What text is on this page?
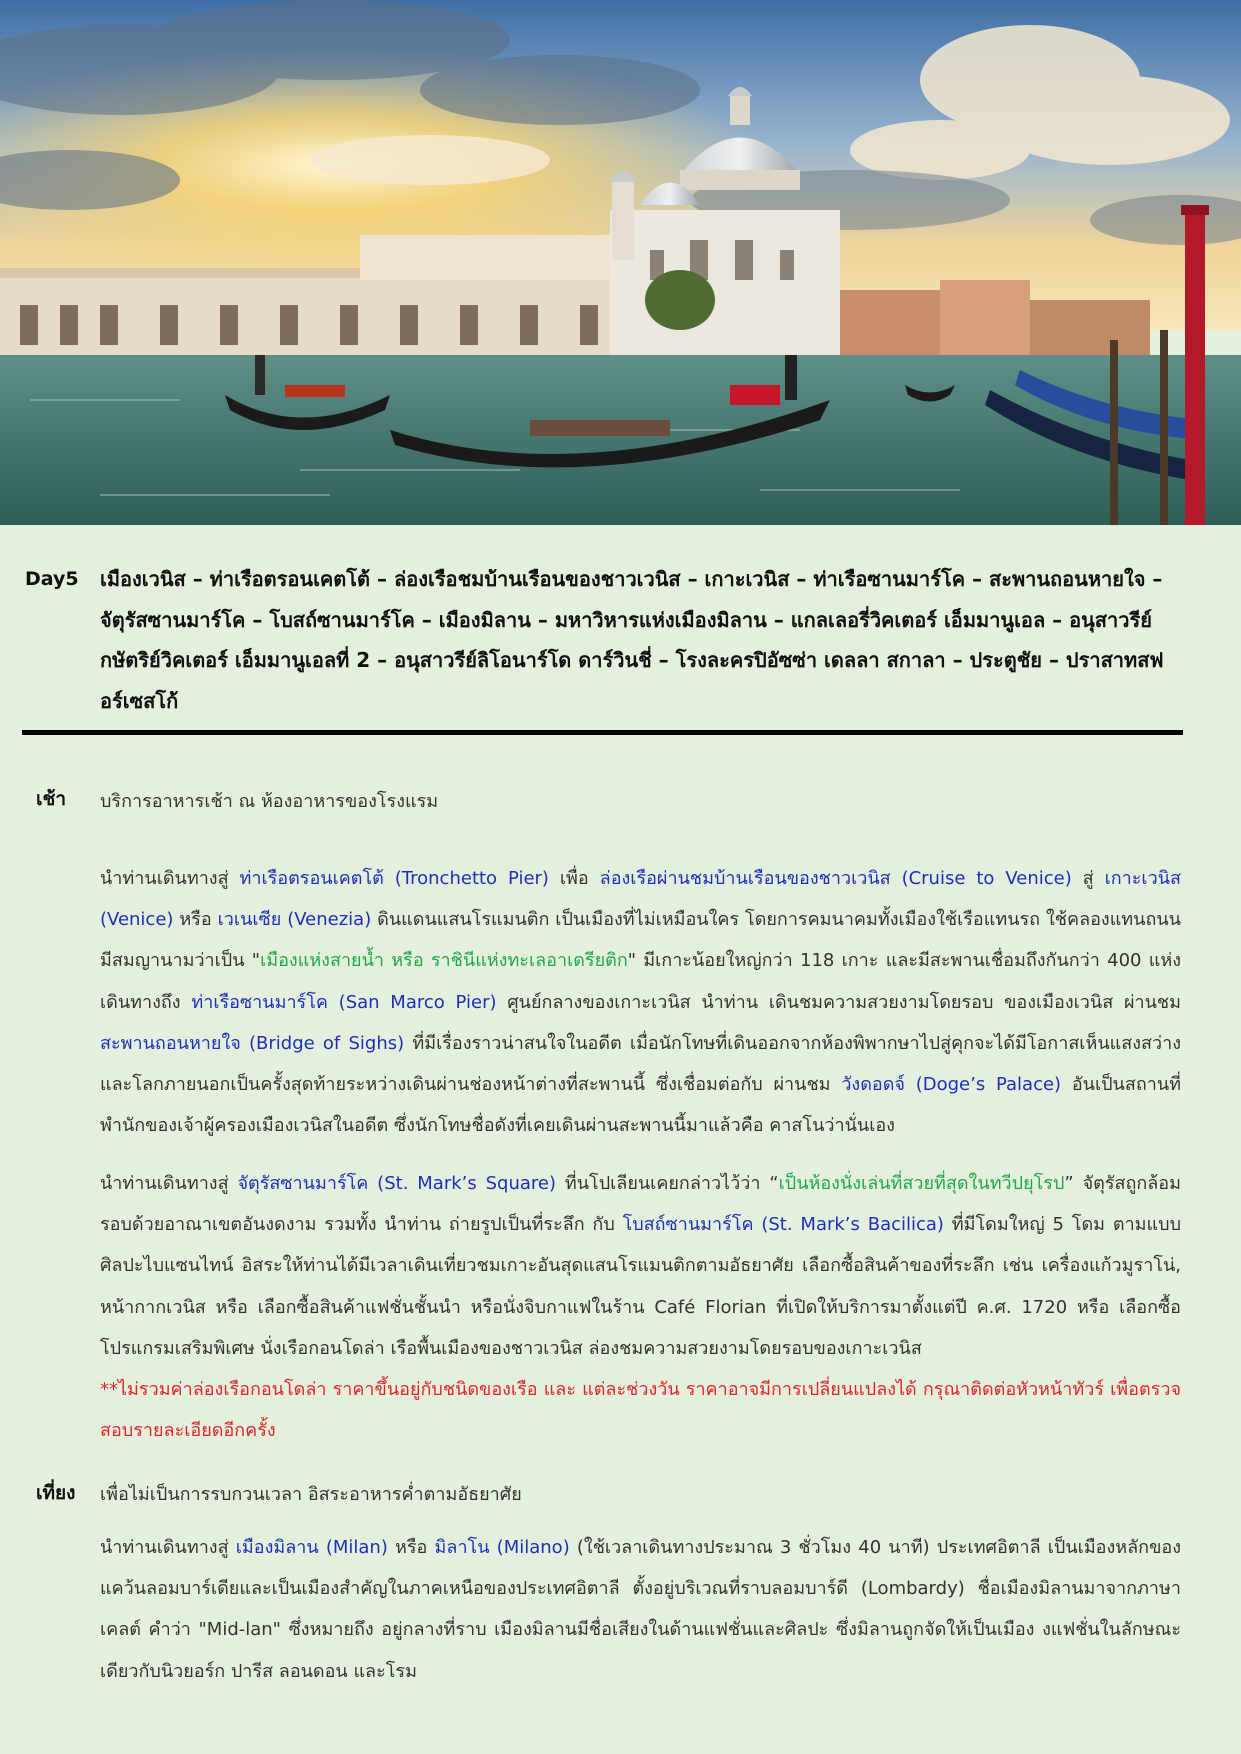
Day5 เมืองเวนิส – ท่าเรือตรอนเคตโต้ – ล่องเรือชมบ้านเรือนของชาวเวนิส – เกาะเวนิส – ท่าเรือซานมาร์โค – สะพานถอนหายใจ – จัตุรัสซานมาร์โค – โบสถ์ซานมาร์โค – เมืองมิลาน – มหาวิหารแห่งเมืองมิลาน – แกลเลอรี่วิคเตอร์ เอ็มมานูเอล – อนุสาวรีย์กษัตริย์วิคเตอร์ เอ็มมานูเอลที่ 2 – อนุสาวรีย์ลิโอนาร์โด ดาร์วินชี่ – โรงละครปิอัซซ่า เดลลา สกาลา – ประตูชัย – ปราสาทสฟอร์เซสโก้
เช้า บริการอาหารเช้า ณ ห้องอาหารของโรงแรม
นำท่านเดินทางสู่ ท่าเรือตรอนเคตโต้ (Tronchetto Pier) เพื่อ ล่องเรือผ่านชมบ้านเรือนของชาวเวนิส (Cruise to Venice) สู่ เกาะเวนิส (Venice) หรือ เวเนเซีย (Venezia) ดินแดนแสนโรแมนติก เป็นเมืองที่ไม่เหมือนใคร โดยการคมนาคมทั้งเมืองใช้เรือแทนรถ ใช้คลองแทนถนน มีสมญานามว่าเป็น "เมืองแห่งสายน้ำ หรือ ราชินีแห่งทะเลอาเดรียติก" มีเกาะน้อยใหญ่กว่า 118 เกาะ และมีสะพานเชื่อมถึงกันกว่า 400 แห่ง เดินทางถึง ท่าเรือซานมาร์โค (San Marco Pier) ศูนย์กลางของเกาะเวนิส นำท่าน เดินชมความสวยงามโดยรอบ ของเมืองเวนิส ผ่านชม สะพานถอนหายใจ (Bridge of Sighs) ที่มีเรื่องราวน่าสนใจในอดีต เมื่อนักโทษที่เดินออกจากห้องพิพากษาไปสู่คุกจะได้มีโอกาสเห็นแสงสว่างและโลกภายนอกเป็นครั้งสุดท้ายระหว่างเดินผ่านช่องหน้าต่างที่สะพานนี้ ซึ่งเชื่อมต่อกับ ผ่านชม วังดอดจ์ (Doge’s Palace) อันเป็นสถานที่พำนักของเจ้าผู้ครองเมืองเวนิสในอดีต ซึ่งนักโทษชื่อดังที่เคยเดินผ่านสะพานนี้มาแล้วคือ คาสโนว่านั่นเอง
นำท่านเดินทางสู่ จัตุรัสซานมาร์โค (St. Mark’s Square) ที่นโปเลียนเคยกล่าวไว้ว่า “เป็นห้องนั่งเล่นที่สวยที่สุดในทวีปยุโรป” จัตุรัสถูกล้อมรอบด้วยอาณาเขตอันงดงาม รวมทั้ง นำท่าน ถ่ายรูปเป็นที่ระลึก กับ โบสถ์ซานมาร์โค (St. Mark’s Bacilica) ที่มีโดมใหญ่ 5 โดม ตามแบบศิลปะไบแซนไทน์ อิสระให้ท่านได้มีเวลาเดินเที่ยวชมเกาะอันสุดแสนโรแมนติกตามอัธยาศัย เลือกซื้อสินค้าของที่ระลึก เช่น เครื่องแก้วมูราโน่, หน้ากากเวนิส หรือ เลือกซื้อสินค้าแฟชั่นชั้นนำ หรือนั่งจิบกาแฟในร้าน Café Florian ที่เปิดให้บริการมาตั้งแต่ปี ค.ศ. 1720 หรือ เลือกซื้อโปรแกรมเสริมพิเศษ นั่งเรือกอนโดล่า เรือพื้นเมืองของชาวเวนิส ล่องชมความสวยงามโดยรอบของเกาะเวนิส
**ไม่รวมค่าล่องเรือกอนโดล่า ราคาขึ้นอยู่กับชนิดของเรือ และ แต่ละช่วงวัน ราคาอาจมีการเปลี่ยนแปลงได้ กรุณาติดต่อหัวหน้าทัวร์ เพื่อตรวจสอบรายละเอียดอีกครั้ง
เที่ยง เพื่อไม่เป็นการรบกวนเวลา อิสระอาหารค่ำตามอัธยาศัย
นำท่านเดินทางสู่ เมืองมิลาน (Milan) หรือ มิลาโน (Milano) (ใช้เวลาเดินทางประมาณ 3 ชั่วโมง 40 นาที) ประเทศอิตาลี เป็นเมืองหลักของแคว้นลอมบาร์เดียและเป็นเมืองสำคัญในภาคเหนือของประเทศอิตาลี ตั้งอยู่บริเวณที่ราบลอมบาร์ดี (Lombardy) ชื่อเมืองมิลานมาจากภาษาเคลต์ คำว่า "Mid-lan" ซึ่งหมายถึง อยู่กลางที่ราบ เมืองมิลานมีชื่อเสียงในด้านแฟชั่นและศิลปะ ซึ่งมิลานถูกจัดให้เป็นเมือง งแฟชั่นในลักษณะเดียวกับนิวยอร์ก ปารีส ลอนดอน และโรม
